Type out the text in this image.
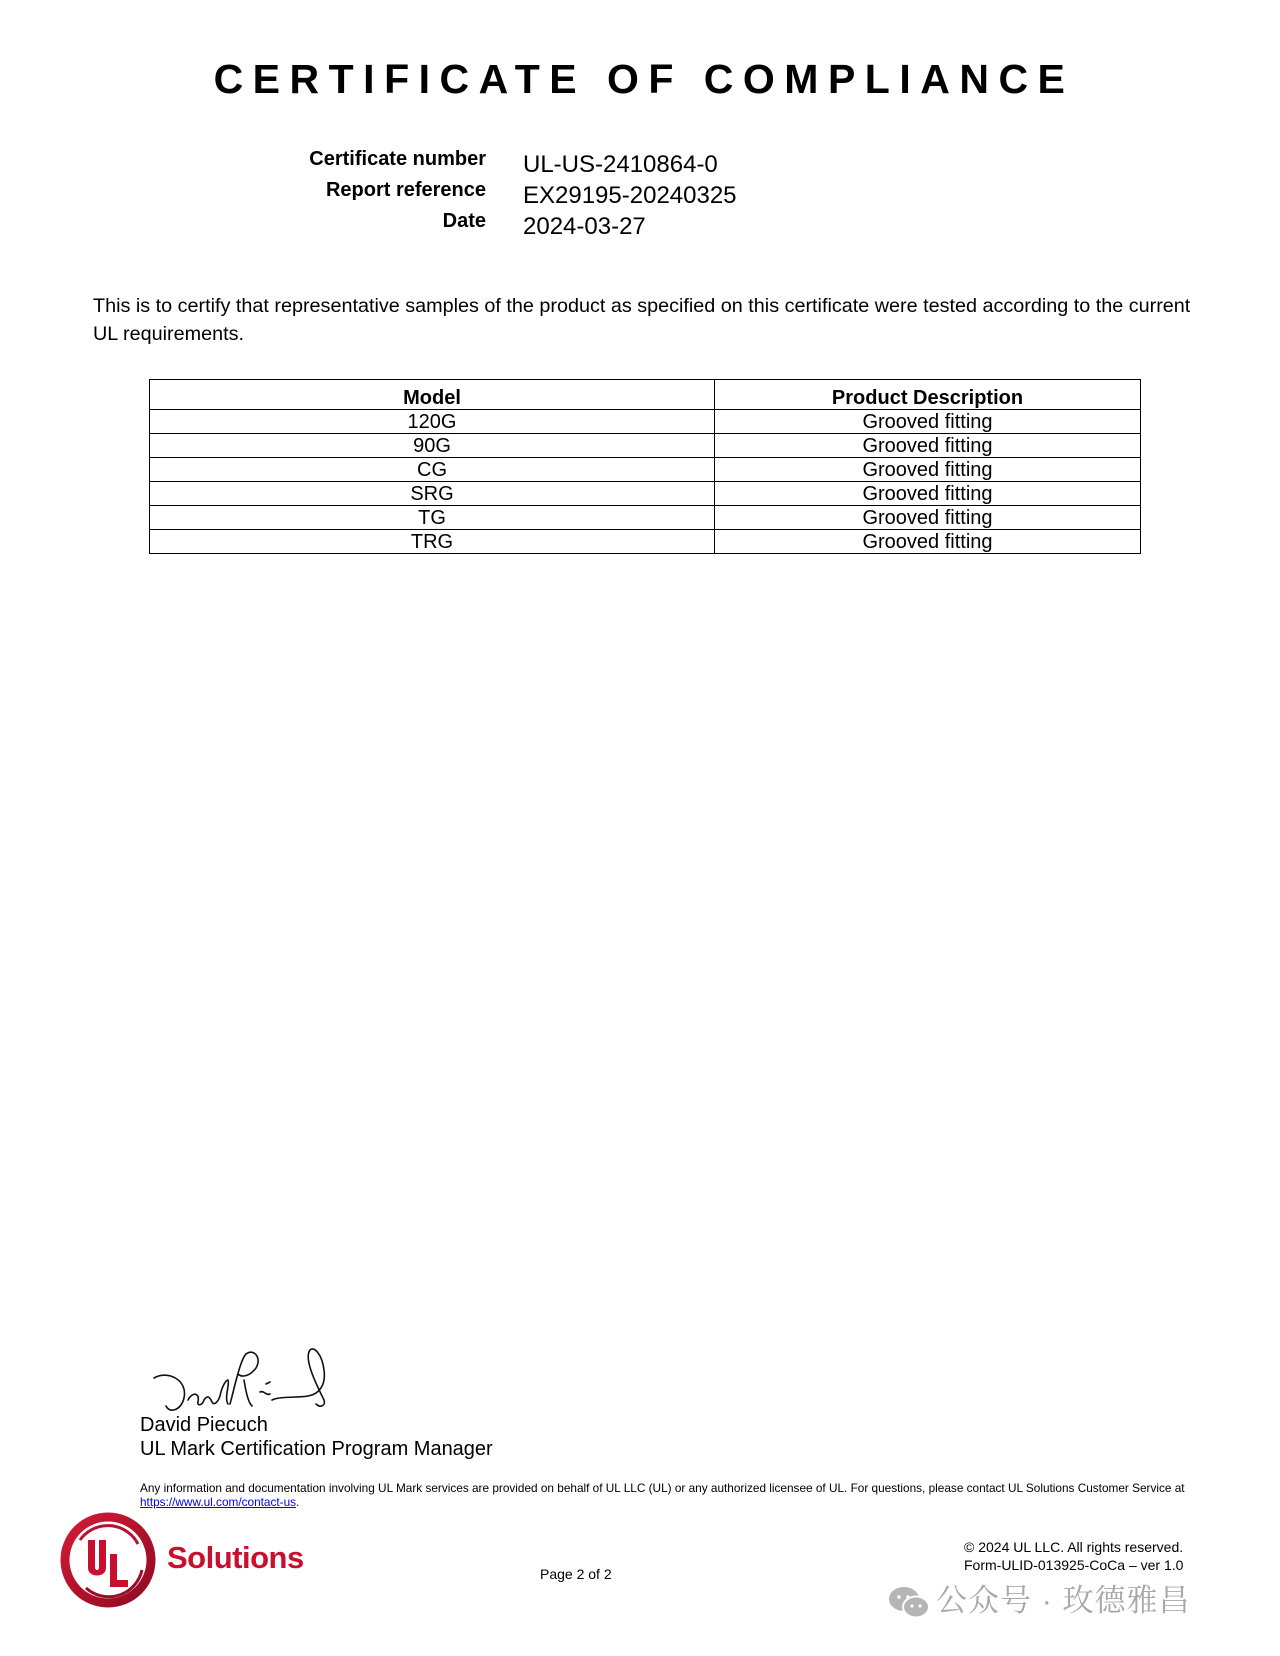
CERTIFICATE OF COMPLIANCE
Certificate number UL-US-2410864-0
Report reference EX29195-20240325
Date 2024-03-27
This is to certify that representative samples of the product as specified on this certificate were tested according to the current UL requirements.
Model	Product Description
120G	Grooved fitting
90G	Grooved fitting
CG	Grooved fitting
SRG	Grooved fitting
TG	Grooved fitting
TRG	Grooved fitting
David Piecuch
UL Mark Certification Program Manager
Any information and documentation involving UL Mark services are provided on behalf of UL LLC (UL) or any authorized licensee of UL. For questions, please contact UL Solutions Customer Service at https://www.ul.com/contact-us.
Solutions	Page 2 of 2
© 2024 UL LLC. All rights reserved.
Form-ULID-013925-CoCa – ver 1.0
公众号 · 玫德雅昌
